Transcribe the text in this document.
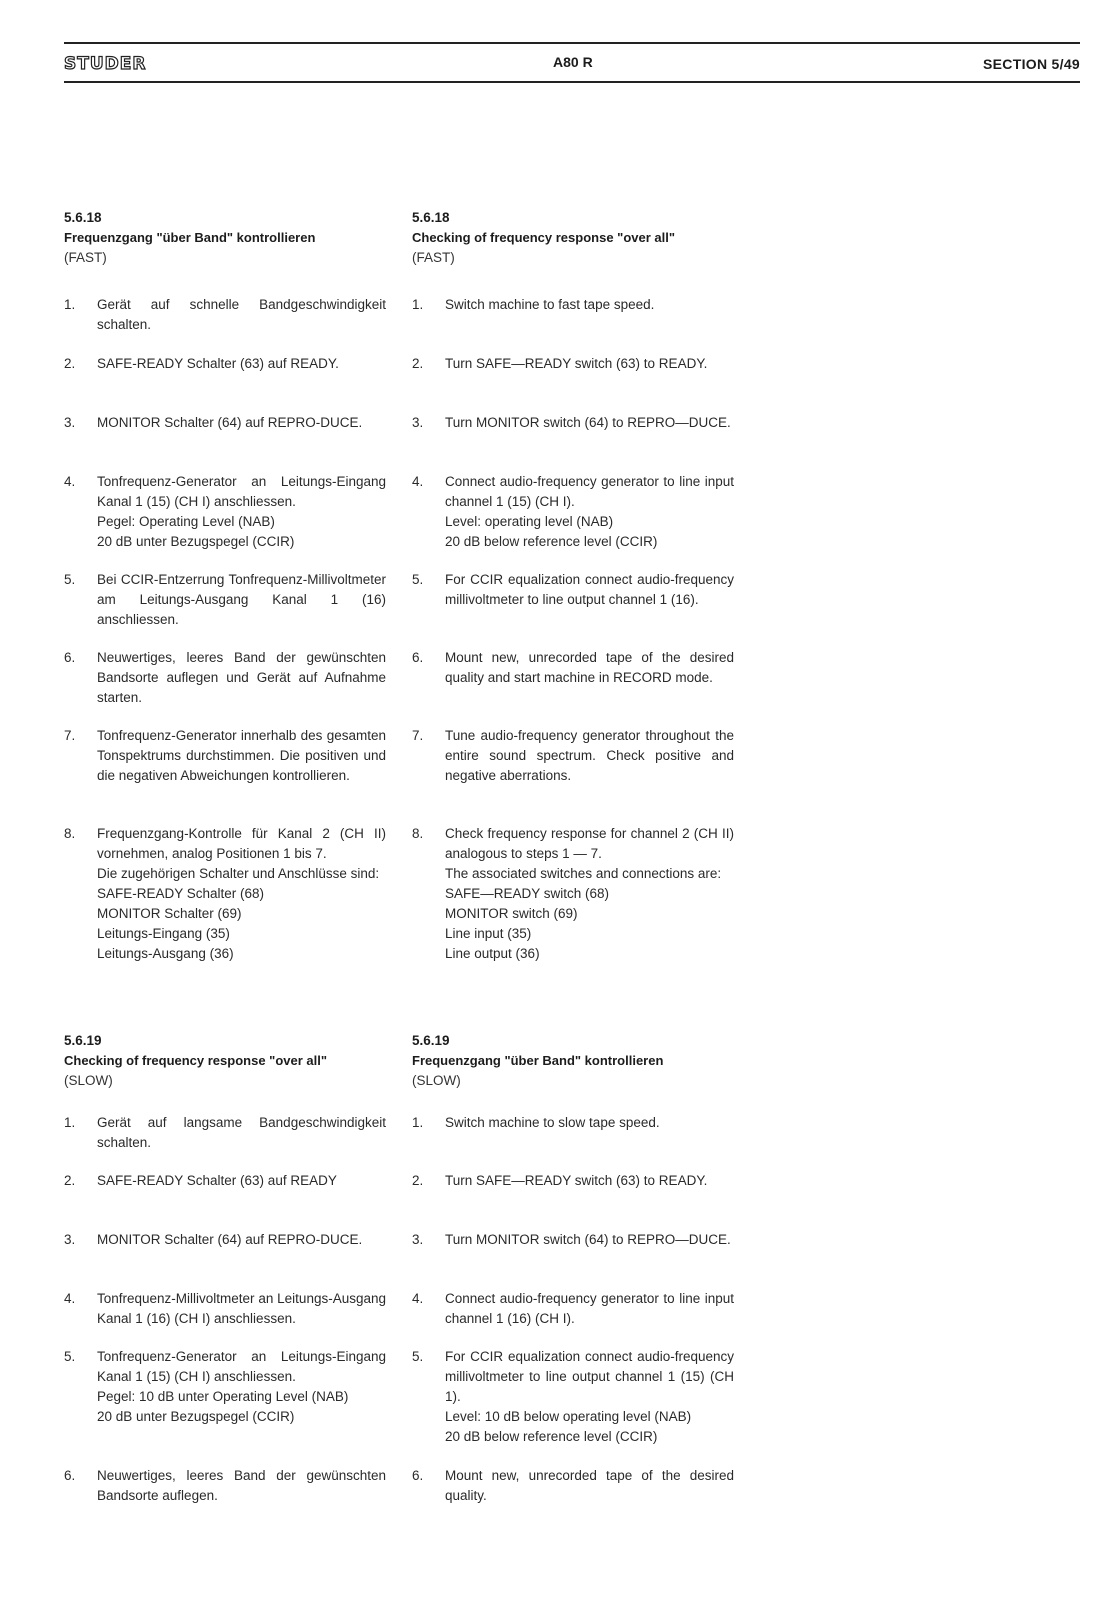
STUDER	A80 R	SECTION 5/49
5.6.18
Frequenzgang "über Band" kontrollieren
(FAST)
1. Gerät auf schnelle Bandgeschwindigkeit schalten.
2. SAFE-READY Schalter (63) auf READY.
3. MONITOR Schalter (64) auf REPRO-DUCE.
4. Tonfrequenz-Generator an Leitungs-Eingang Kanal 1 (15) (CH I) anschliessen.
Pegel: Operating Level (NAB)
20 dB unter Bezugspegel (CCIR)
5. Bei CCIR-Entzerrung Tonfrequenz-Millivoltmeter am Leitungs-Ausgang Kanal 1 (16) anschliessen.
6. Neuwertiges, leeres Band der gewünschten Bandsorte auflegen und Gerät auf Aufnahme starten.
7. Tonfrequenz-Generator innerhalb des gesamten Tonspektrums durchstimmen. Die positiven und die negativen Abweichungen kontrollieren.
8. Frequenzgang-Kontrolle für Kanal 2 (CH II) vornehmen, analog Positionen 1 bis 7.
Die zugehörigen Schalter und Anschlüsse sind:
SAFE-READY Schalter (68)
MONITOR Schalter (69)
Leitungs-Eingang (35)
Leitungs-Ausgang (36)
5.6.18
Checking of frequency response "over all"
(FAST)
1. Switch machine to fast tape speed.
2. Turn SAFE—READY switch (63) to READY.
3. Turn MONITOR switch (64) to REPRO—DUCE.
4. Connect audio-frequency generator to line input channel 1 (15) (CH I).
Level: operating level (NAB)
20 dB below reference level (CCIR)
5. For CCIR equalization connect audio-frequency millivoltmeter to line output channel 1 (16).
6. Mount new, unrecorded tape of the desired quality and start machine in RECORD mode.
7. Tune audio-frequency generator throughout the entire sound spectrum. Check positive and negative aberrations.
8. Check frequency response for channel 2 (CH II) analogous to steps 1 — 7.
The associated switches and connections are:
SAFE—READY switch (68)
MONITOR switch (69)
Line input (35)
Line output (36)
5.6.19
Checking of frequency response "over all"
(SLOW)
1. Gerät auf langsame Bandgeschwindigkeit schalten.
2. SAFE-READY Schalter (63) auf READY
3. MONITOR Schalter (64) auf REPRO-DUCE.
4. Tonfrequenz-Millivoltmeter an Leitungs-Ausgang Kanal 1 (16) (CH I) anschliessen.
5. Tonfrequenz-Generator an Leitungs-Eingang Kanal 1 (15) (CH I) anschliessen.
Pegel: 10 dB unter Operating Level (NAB)
20 dB unter Bezugspegel (CCIR)
6. Neuwertiges, leeres Band der gewünschten Bandsorte auflegen.
5.6.19
Frequenzgang "über Band" kontrollieren
(SLOW)
1. Switch machine to slow tape speed.
2. Turn SAFE—READY switch (63) to READY.
3. Turn MONITOR switch (64) to REPRO—DUCE.
4. Connect audio-frequency generator to line input channel 1 (16) (CH I).
5. For CCIR equalization connect audio-frequency millivoltmeter to line output channel 1 (15) (CH 1).
Level: 10 dB below operating level (NAB)
20 dB below reference level (CCIR)
6. Mount new, unrecorded tape of the desired quality.
